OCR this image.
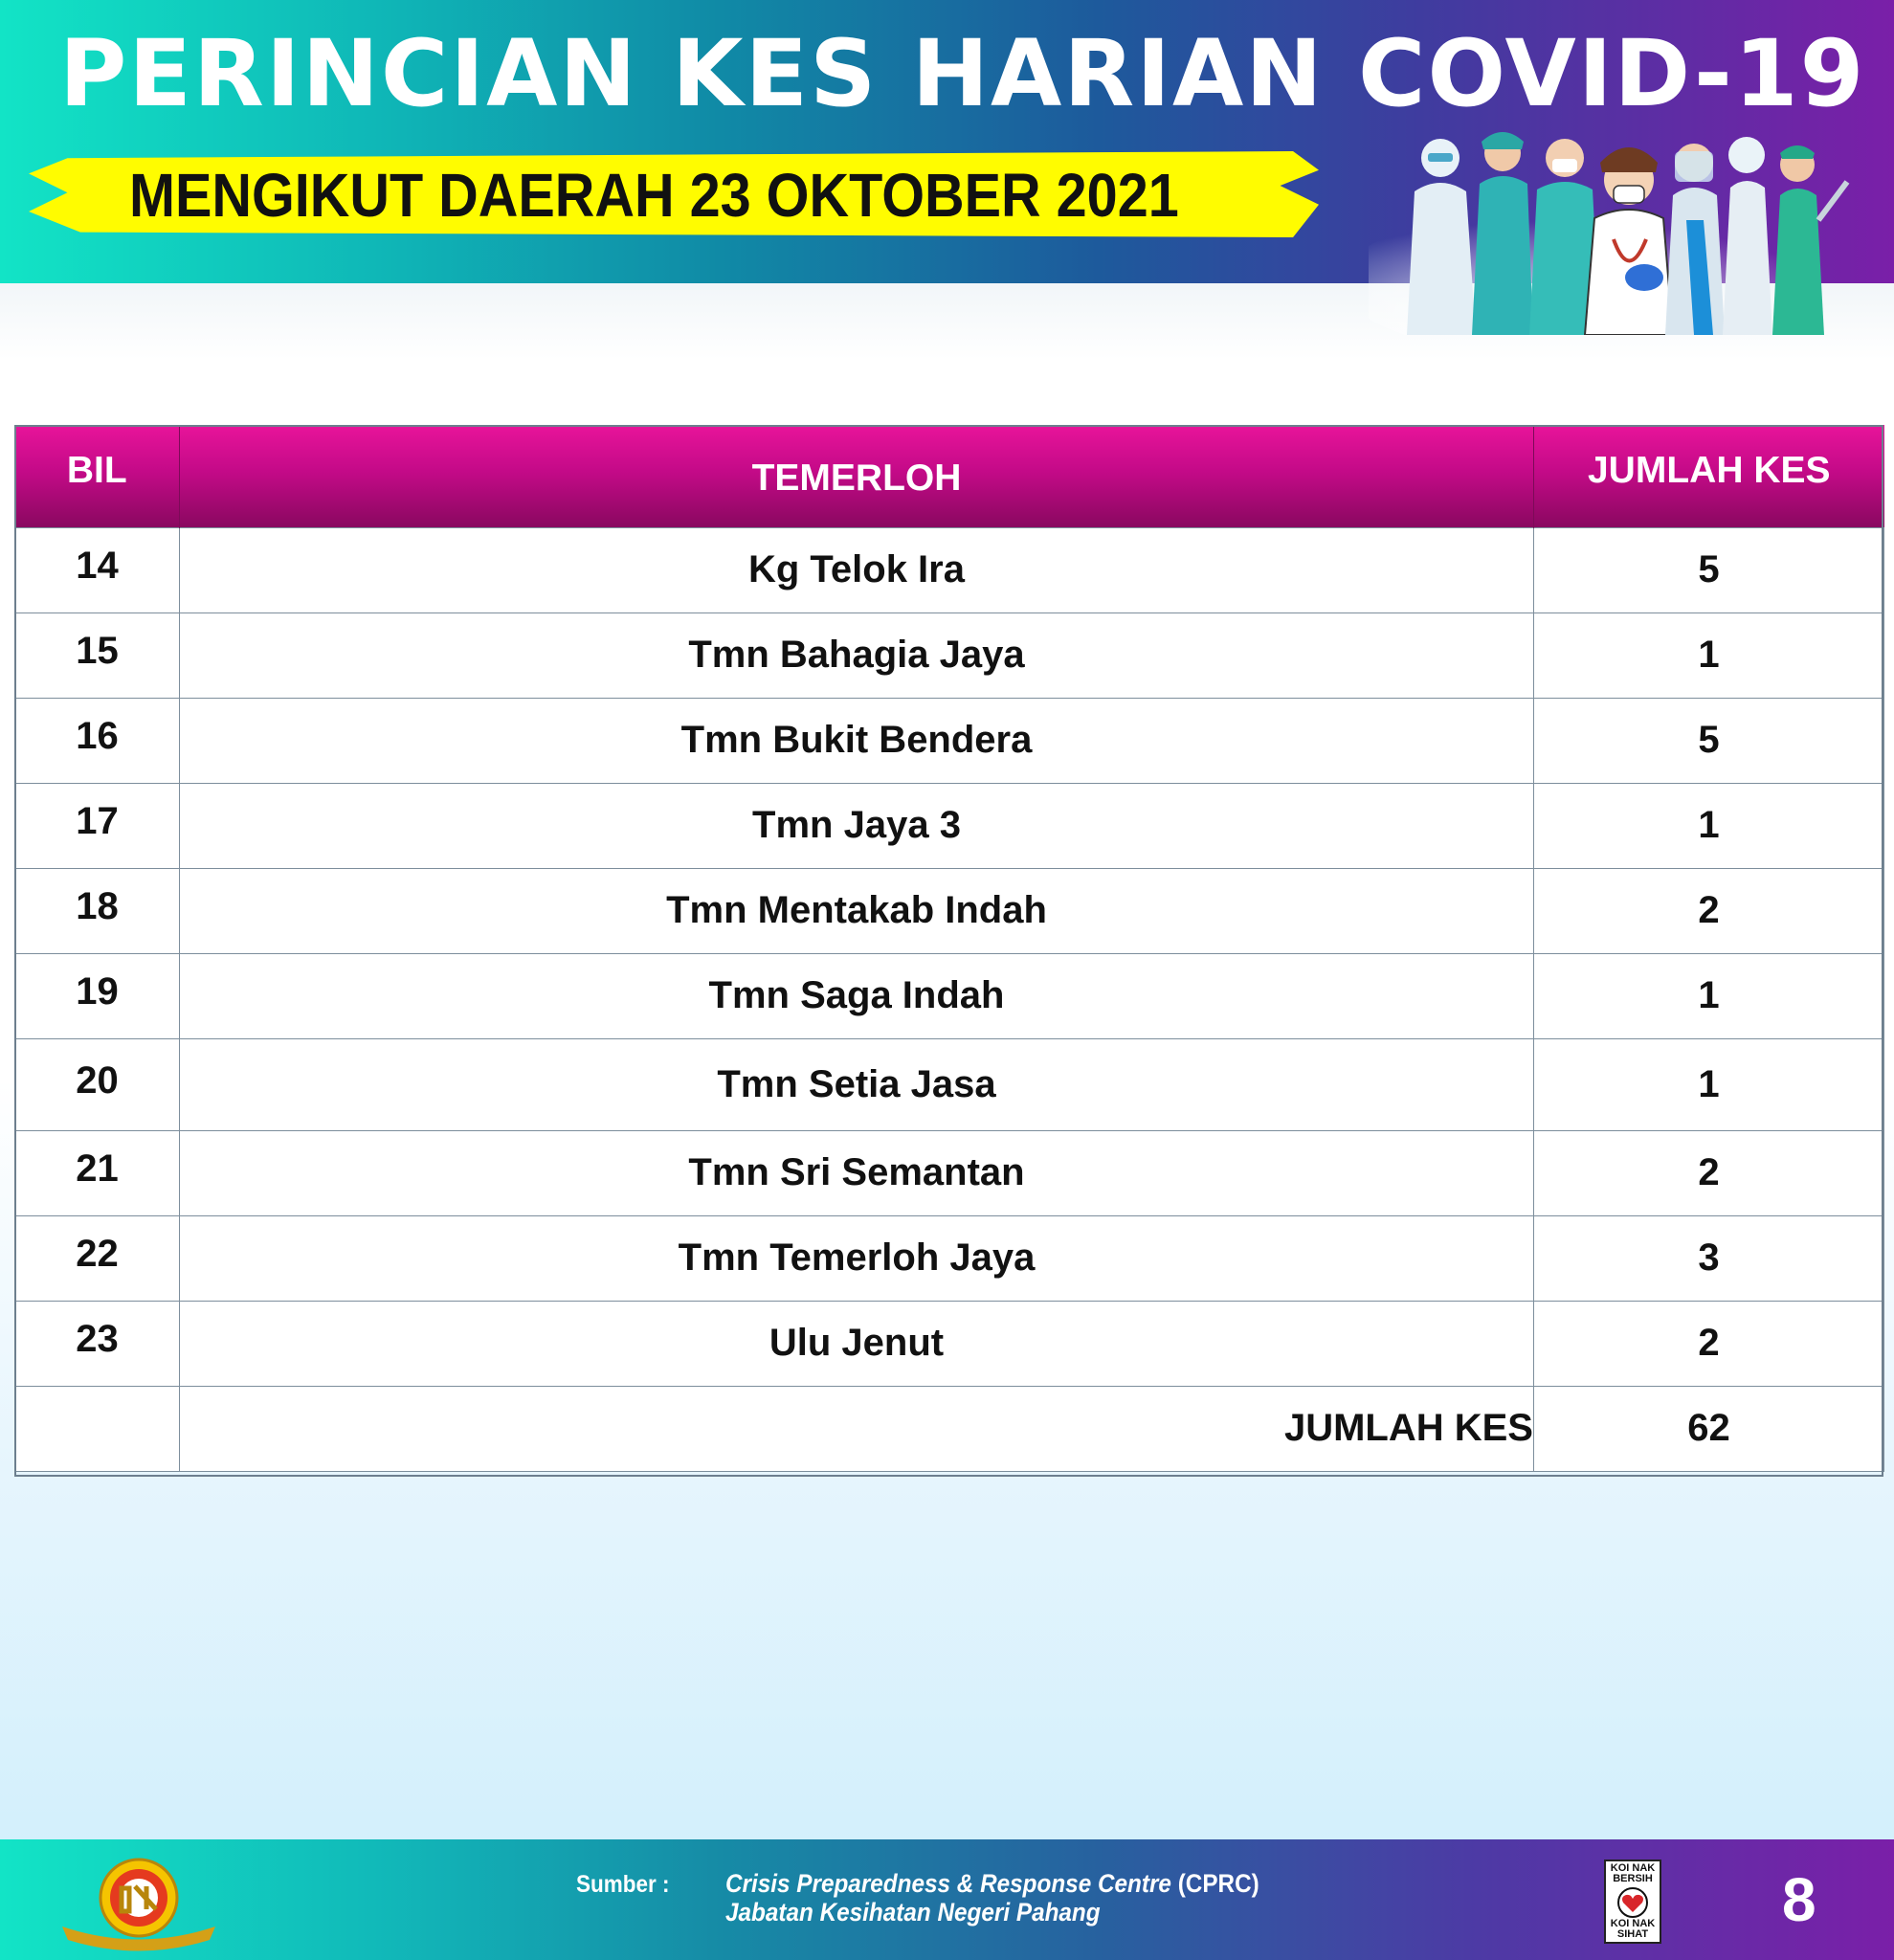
PERINCIAN KES HARIAN COVID-19
MENGIKUT DAERAH 23 OKTOBER 2021
BIL	TEMERLOH	JUMLAH KES
14	Kg Telok Ira	5
15	Tmn Bahagia Jaya	1
16	Tmn Bukit Bendera	5
17	Tmn Jaya 3	1
18	Tmn Mentakab Indah	2
19	Tmn Saga Indah	1
20	Tmn Setia Jasa	1
21	Tmn Sri Semantan	2
22	Tmn Temerloh Jaya	3
23	Ulu Jenut	2
	JUMLAH KES	62
Sumber : Crisis Preparedness & Response Centre (CPRC)
Jabatan Kesihatan Negeri Pahang
KOI NAK BERSIH
KOI NAK SIHAT 8
